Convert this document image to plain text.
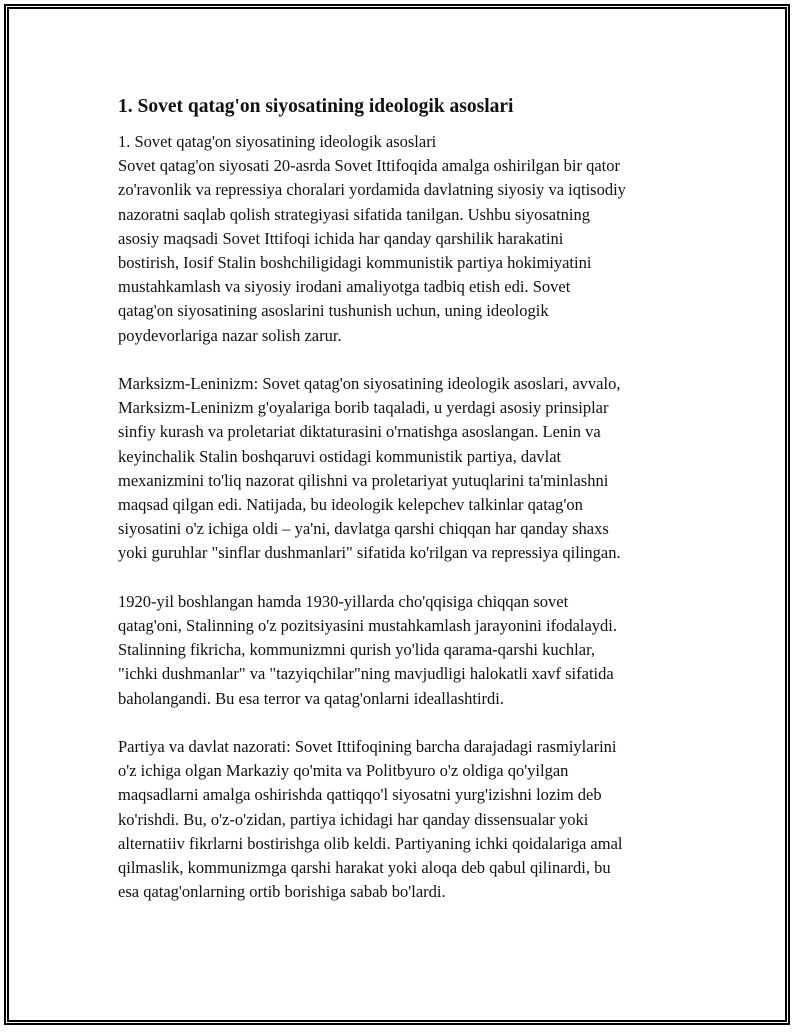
1. Sovet qatag'on siyosatining ideologik asoslari

1. Sovet qatag'on siyosatining ideologik asoslari
Sovet qatag'on siyosati 20-asrda Sovet Ittifoqida amalga oshirilgan bir qator
zo'ravonlik va repressiya choralari yordamida davlatning siyosiy va iqtisodiy
nazoratni saqlab qolish strategiyasi sifatida tanilgan. Ushbu siyosatning
asosiy maqsadi Sovet Ittifoqi ichida har qanday qarshilik harakatini
bostirish, Iosif Stalin boshchiligidagi kommunistik partiya hokimiyatini
mustahkamlash va siyosiy irodani amaliyotga tadbiq etish edi. Sovet
qatag'on siyosatining asoslarini tushunish uchun, uning ideologik
poydevorlariga nazar solish zarur.

Marksizm-Leninizm: Sovet qatag'on siyosatining ideologik asoslari, avvalo,
Marksizm-Leninizm g'oyalariga borib taqaladi, u yerdagi asosiy prinsiplar
sinfiy kurash va proletariat diktaturasini o'rnatishga asoslangan. Lenin va
keyinchalik Stalin boshqaruvi ostidagi kommunistik partiya, davlat
mexanizmini to'liq nazorat qilishni va proletariyat yutuqlarini ta'minlashni
maqsad qilgan edi. Natijada, bu ideologik kelepchev talkinlar qatag'on
siyosatini o'z ichiga oldi – ya'ni, davlatga qarshi chiqqan har qanday shaxs
yoki guruhlar "sinflar dushmanlari" sifatida ko'rilgan va repressiya qilingan.

1920-yil boshlangan hamda 1930-yillarda cho'qqisiga chiqqan sovet
qatag'oni, Stalinning o'z pozitsiyasini mustahkamlash jarayonini ifodalaydi.
Stalinning fikricha, kommunizmni qurish yo'lida qarama-qarshi kuchlar,
"ichki dushmanlar" va "tazyiqchilar"ning mavjudligi halokatli xavf sifatida
baholangandi. Bu esa terror va qatag'onlarni ideallashtirdi.

Partiya va davlat nazorati: Sovet Ittifoqining barcha darajadagi rasmiylarini
o'z ichiga olgan Markaziy qo'mita va Politbyuro o'z oldiga qo'yilgan
maqsadlarni amalga oshirishda qattiqqo'l siyosatni yurg'izishni lozim deb
ko'rishdi. Bu, o'z-o'zidan, partiya ichidagi har qanday dissensualar yoki
alternatiiv fikrlarni bostirishga olib keldi. Partiyaning ichki qoidalariga amal
qilmaslik, kommunizmga qarshi harakat yoki aloqa deb qabul qilinardi, bu
esa qatag'onlarning ortib borishiga sabab bo'lardi.
